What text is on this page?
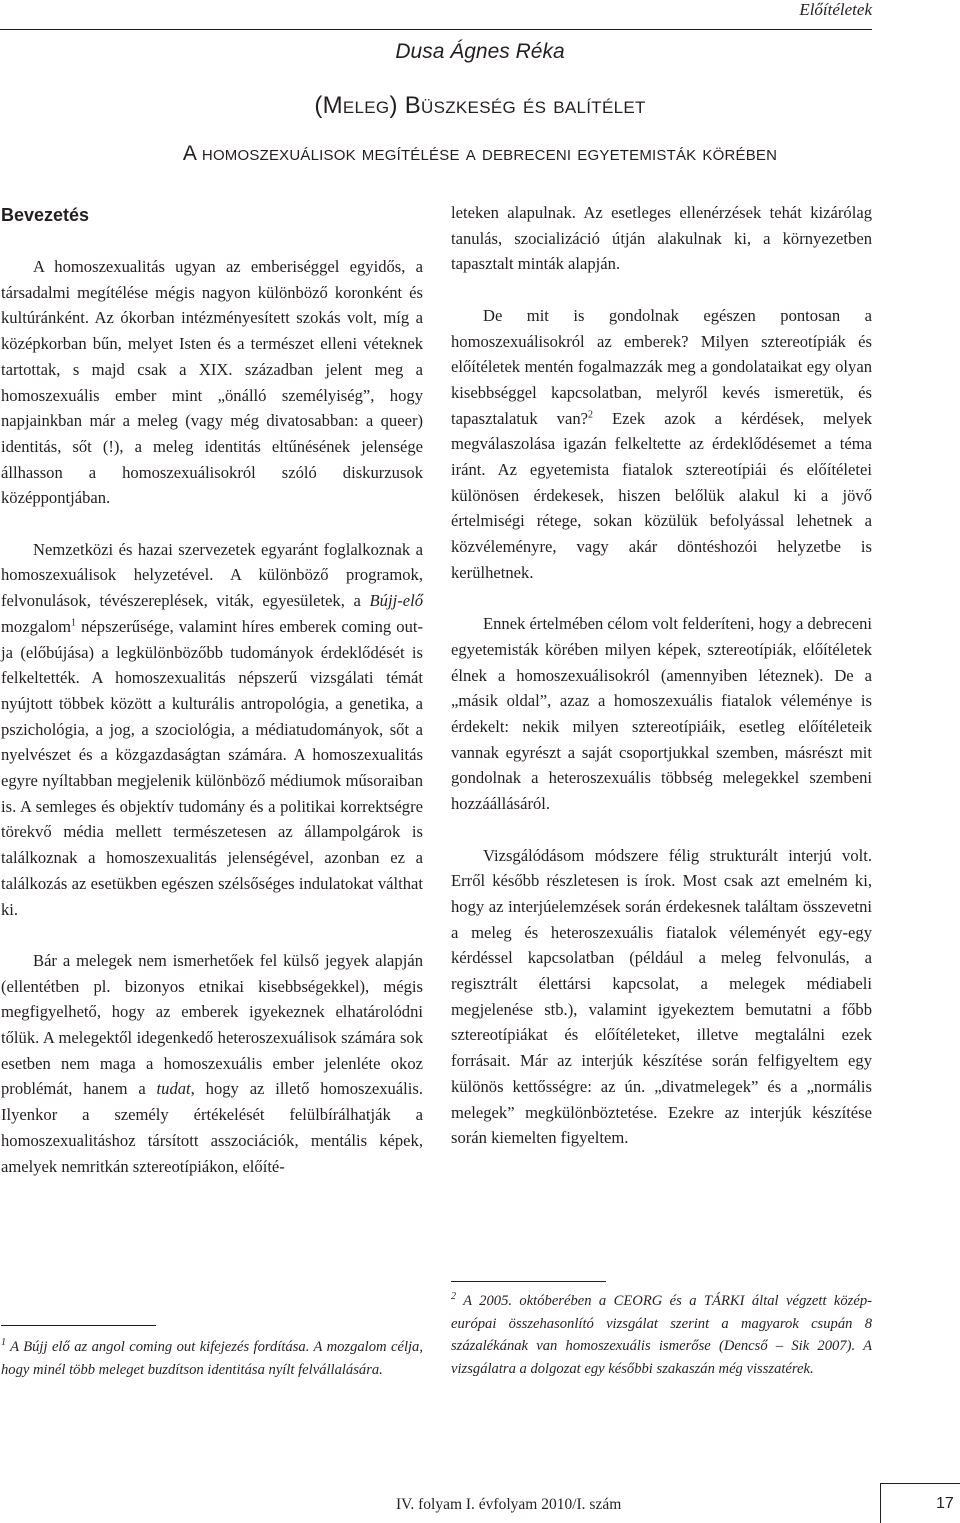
Előítéletek
Dusa Ágnes Réka
(Meleg) Büszkeség és balítélet
A homoszexuálisok megítélése a debreceni egyetemisták körében
Bevezetés

A homoszexualitás ugyan az emberiséggel egyidős, a társadalmi megítélése mégis nagyon különböző koronként és kultúránként. Az ókorban intézményesített szokás volt, míg a középkorban bűn, melyet Isten és a természet elleni véteknek tartottak, s majd csak a XIX. században jelent meg a homoszexuális ember mint „önálló személyiség”, hogy napjainkban már a meleg (vagy még divatosabban: a queer) identitás, sőt (!), a meleg identitás eltűnésének jelensége állhasson a homoszexuálisokról szóló diskurzusok középpontjában.

Nemzetközi és hazai szervezetek egyaránt foglalkoznak a homoszexuálisok helyzetével. A különböző programok, felvonulások, tévészereplések, viták, egyesületek, a Bújj-elő mozgalom$^1$ népszerűsége, valamint híres emberek coming out-ja (előbújása) a legkülönbözőbb tudományok érdeklődését is felkeltették. A homoszexualitás népszerű vizsgálati témát nyújtott többek között a kulturális antropológia, a genetika, a pszichológia, a jog, a szociológia, a médiatudományok, sőt a nyelvészet és a közgazdaságtan számára. A homoszexualitás egyre nyíltabban megjelenik különböző médiumok műsoraiban is. A semleges és objektív tudomány és a politikai korrektségre törekvő média mellett természetesen az állampolgárok is találkoznak a homoszexualitás jelenségével, azonban ez a találkozás az esetükben egészen szélsőséges indulatokat válthat ki.

Bár a melegek nem ismerhetőek fel külső jegyek alapján (ellentétben pl. bizonyos etnikai kisebbségekkel), mégis megfigyelhető, hogy az emberek igyekeznek elhatárolódni tőlük. A melegektől idegenkedő heteroszexuálisok számára sok esetben nem maga a homoszexuális ember jelenléte okoz problémát, hanem a tudat, hogy az illető homoszexuális. Ilyenkor a személy értékelését felülbírálhatják a homoszexualitáshoz társított asszociációk, mentális képek, amelyek nemritkán sztereotípiákon, előíté-

leteken alapulnak. Az esetleges ellenérzések tehát kizárólag tanulás, szocializáció útján alakulnak ki, a környezetben tapasztalt minták alapján.

De mit is gondolnak egészen pontosan a homoszexuálisokról az emberek? Milyen sztereotípiák és előítéletek mentén fogalmazzák meg a gondolataikat egy olyan kisebbséggel kapcsolatban, melyről kevés ismeretük, és tapasztalatuk van?$^2$ Ezek azok a kérdések, melyek megválaszolása igazán felkeltette az érdeklődésemet a téma iránt. Az egyetemista fiatalok sztereotípiái és előítéletei különösen érdekesek, hiszen belőlük alakul ki a jövő értelmiségi rétege, sokan közülük befolyással lehetnek a közvéleményre, vagy akár döntéshozói helyzetbe is kerülhetnek.

Ennek értelmében célom volt felderíteni, hogy a debreceni egyetemisták körében milyen képek, sztereotípiák, előítéletek élnek a homoszexuálisokról (amennyiben léteznek). De a „másik oldal”, azaz a homoszexuális fiatalok véleménye is érdekelt: nekik milyen sztereotípiáik, esetleg előítéleteik vannak egyrészt a saját csoportjukkal szemben, másrészt mit gondolnak a heteroszexuális többség melegekkel szembeni hozzáállásáról.

Vizsgálódásom módszere félig strukturált interjú volt. Erről később részletesen is írok. Most csak azt emelném ki, hogy az interjúelemzések során érdekesnek találtam összevetni a meleg és heteroszexuális fiatalok véleményét egy-egy kérdéssel kapcsolatban (például a meleg felvonulás, a regisztrált élettársi kapcsolat, a melegek médiabeli megjelenése stb.), valamint igyekeztem bemutatni a főbb sztereotípiákat és előítéleteket, illetve megtalálni ezek forrásait. Már az interjúk készítése során felfigyeltem egy különös kettősségre: az ún. „divatmelegek” és a „normális melegek” megkülönböztetése. Ezekre az interjúk készítése során kiemelten figyeltem.

$^1$ A Bújj elő az angol coming out kifejezés fordítása. A mozgalom célja, hogy minél több meleget buzdítson identitása nyílt felvállalására.
$^2$ A 2005. októberében a CEORG és a TÁRKI által végzett közép-európai összehasonlító vizsgálat szerint a magyarok csupán 8 százalékának van homoszexuális ismerőse (Dencső – Sik 2007). A vizsgálatra a dolgozat egy későbbi szakaszán még visszatérek.
IV. folyam I. évfolyam 2010/I. szám	17
